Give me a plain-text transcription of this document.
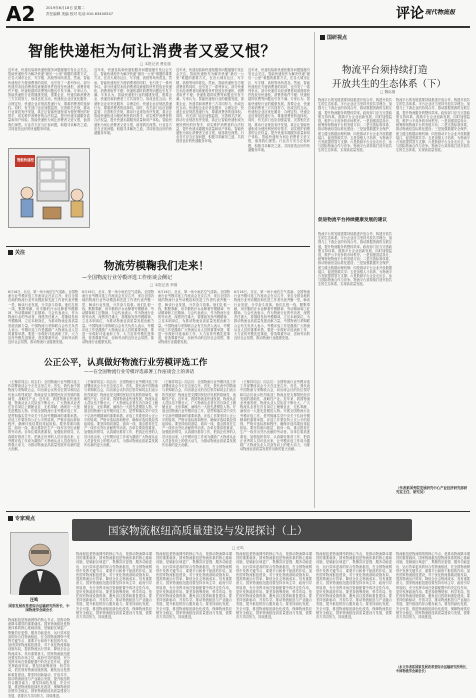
A2	2019年6月18日 星期二
责任编辑 美编 校对 电话:010-63400547	评论 现代物流报
智能快递柜为何让消费者又爱又恨？
□ 本报记者 曹佳瑞
近年来，快递包装和快递柜服务问题屡屡引发社会关注。智能快递柜作为解决快递“最后一公里”难题的重要方式，在各大城市社区、写字楼、高校等场所普及。然而，智能快递柜在方便消费者的同时，也引发了一系列争议。部分快递员未经消费者同意便将快件投放至快递柜，消费者取件不便；快递柜超时收费等问题也引发不满。专家认为，智能快递柜行业的健康发展，需要企业、快递员和消费者三方共同努力，形成良性互动。快递柜企业应优化服务、合理定价，快递企业应规范投递行为，尊重消费者的选择权。同时，有关部门也应加强监管，完善相关法规，推动行业规范有序发展，真正让智能快递柜成为便民利民的好帮手，切实维护消费者的合法权益，提升快递末端服务质量和用户体验。智能快递柜为何让消费者又爱又恨，值得我们深思。行业各方应当正视问题，积极寻求解决之道，共同营造良好的快递服务环境。
智能快递柜
近年来，快递包装和快递柜服务问题屡屡引发社会关注。智能快递柜作为解决快递“最后一公里”难题的重要方式，在各大城市社区、写字楼、高校等场所普及。然而，智能快递柜在方便消费者的同时，也引发了一系列争议。部分快递员未经消费者同意便将快件投放至快递柜，消费者取件不便；快递柜超时收费等问题也引发不满。专家认为，智能快递柜行业的健康发展，需要企业、快递员和消费者三方共同努力，形成良性互动。快递柜企业应优化服务、合理定价，快递企业应规范投递行为，尊重消费者的选择权。同时，有关部门也应加强监管，完善相关法规，推动行业规范有序发展，真正让智能快递柜成为便民利民的好帮手，切实维护消费者的合法权益，提升快递末端服务质量和用户体验。智能快递柜为何让消费者又爱又恨，值得我们深思。行业各方应当正视问题，积极寻求解决之道，共同营造良好的快递服务环境。
近年来，快递包装和快递柜服务问题屡屡引发社会关注。智能快递柜作为解决快递“最后一公里”难题的重要方式，在各大城市社区、写字楼、高校等场所普及。然而，智能快递柜在方便消费者的同时，也引发了一系列争议。部分快递员未经消费者同意便将快件投放至快递柜，消费者取件不便；快递柜超时收费等问题也引发不满。专家认为，智能快递柜行业的健康发展，需要企业、快递员和消费者三方共同努力，形成良性互动。快递柜企业应优化服务、合理定价，快递企业应规范投递行为，尊重消费者的选择权。同时，有关部门也应加强监管，完善相关法规，推动行业规范有序发展，真正让智能快递柜成为便民利民的好帮手，切实维护消费者的合法权益，提升快递末端服务质量和用户体验。智能快递柜为何让消费者又爱又恨，值得我们深思。行业各方应当正视问题，积极寻求解决之道，共同营造良好的快递服务环境。
近年来，快递包装和快递柜服务问题屡屡引发社会关注。智能快递柜作为解决快递“最后一公里”难题的重要方式，在各大城市社区、写字楼、高校等场所普及。然而，智能快递柜在方便消费者的同时，也引发了一系列争议。部分快递员未经消费者同意便将快件投放至快递柜，消费者取件不便；快递柜超时收费等问题也引发不满。专家认为，智能快递柜行业的健康发展，需要企业、快递员和消费者三方共同努力，形成良性互动。快递柜企业应优化服务、合理定价，快递企业应规范投递行为，尊重消费者的选择权。同时，有关部门也应加强监管，完善相关法规，推动行业规范有序发展，真正让智能快递柜成为便民利民的好帮手，切实维护消费者的合法权益，提升快递末端服务质量和用户体验。智能快递柜为何让消费者又爱又恨，值得我们深思。行业各方应当正视问题，积极寻求解决之道，共同营造良好的快递服务环境。
国研视点
物流平台须持续打造
开放共生的生态体系（下）
□ 魏际刚
物流平台的发展需要持续推进开放合作，构建开放共生的生态体系。平台企业应当坚持开放共享理念，加强与上下游企业的协同合作，推动数据资源的互联互通，提升物流服务的整体效率。政府部门应当完善政策支持体系，鼓励平台企业创新发展，同时加强监管，维护公平竞争的市场秩序。一是加强顶层设计，统筹规划物流平台的发展方向；二是完善标准体系，推动物流信息标准化建设；三是加强数据安全保护，建立健全数据治理机制；四是推动平台企业开放数据接口，促进资源共享；五是加强人才培养，为物流平台发展提供智力支撑；六是鼓励平台企业走出去，参与国际物流合作与竞争。物流平台须持续打造开放共生的生态体系，实现高质量发展。
促进物流平台持续健康发展的建议
物流平台的发展需要持续推进开放合作，构建开放共生的生态体系。平台企业应当坚持开放共享理念，加强与上下游企业的协同合作，推动数据资源的互联互通，提升物流服务的整体效率。政府部门应当完善政策支持体系，鼓励平台企业创新发展，同时加强监管，维护公平竞争的市场秩序。一是加强顶层设计，统筹规划物流平台的发展方向；二是完善标准体系，推动物流信息标准化建设；三是加强数据安全保护，建立健全数据治理机制；四是推动平台企业开放数据接口，促进资源共享；五是加强人才培养，为物流平台发展提供智力支撑；六是鼓励平台企业走出去，参与国际物流合作与竞争。物流平台须持续打造开放共生的生态体系，实现高质量发展。
物流平台的发展需要持续推进开放合作，构建开放共生的生态体系。平台企业应当坚持开放共享理念，加强与上下游企业的协同合作，推动数据资源的互联互通，提升物流服务的整体效率。政府部门应当完善政策支持体系，鼓励平台企业创新发展，同时加强监管，维护公平竞争的市场秩序。一是加强顶层设计，统筹规划物流平台的发展方向；二是完善标准体系，推动物流信息标准化建设；三是加强数据安全保护，建立健全数据治理机制；四是推动平台企业开放数据接口，促进资源共享；五是加强人才培养，为物流平台发展提供智力支撑；六是鼓励平台企业走出去，参与国际物流合作与竞争。物流平台须持续打造开放共生的生态体系，实现高质量发展。
（作者系国务院发展研究中心产业经济研究部研究室主任、研究员）
关注
物流劳模鞠我们走来！
—全国物流行业劳模评选工作座谈会侧记
□ 本报记者 李刚
6月16日，北京，第一场小雨后空气清新。全国物流行业劳模评选工作座谈会在京召开，来自全国各地的物流行业劳动模范和先进工作者代表齐聚一堂，畅谈行业发展，分享奋斗故事。他们扎根一线，默默奉献，用辛勤的汗水诠释着劳模精神、劳动精神和工匠精神。与会代表表示，作为物流行业的劳动者，深感责任重大，将继续发扬劳模精神，立足本职岗位，为推动物流业高质量发展贡献力量。中国物流与采购联合会有关负责人表示，劳模评选工作是激励广大物流从业人员的重要举措，要进一步做好评选表彰工作，大力宣传劳模先进事迹，营造尊重劳动、崇尚劳动的良好社会氛围，推动物流行业健康发展。
6月16日，北京，第一场小雨后空气清新。全国物流行业劳模评选工作座谈会在京召开，来自全国各地的物流行业劳动模范和先进工作者代表齐聚一堂，畅谈行业发展，分享奋斗故事。他们扎根一线，默默奉献，用辛勤的汗水诠释着劳模精神、劳动精神和工匠精神。与会代表表示，作为物流行业的劳动者，深感责任重大，将继续发扬劳模精神，立足本职岗位，为推动物流业高质量发展贡献力量。中国物流与采购联合会有关负责人表示，劳模评选工作是激励广大物流从业人员的重要举措，要进一步做好评选表彰工作，大力宣传劳模先进事迹，营造尊重劳动、崇尚劳动的良好社会氛围，推动物流行业健康发展。
6月16日，北京，第一场小雨后空气清新。全国物流行业劳模评选工作座谈会在京召开，来自全国各地的物流行业劳动模范和先进工作者代表齐聚一堂，畅谈行业发展，分享奋斗故事。他们扎根一线，默默奉献，用辛勤的汗水诠释着劳模精神、劳动精神和工匠精神。与会代表表示，作为物流行业的劳动者，深感责任重大，将继续发扬劳模精神，立足本职岗位，为推动物流业高质量发展贡献力量。中国物流与采购联合会有关负责人表示，劳模评选工作是激励广大物流从业人员的重要举措，要进一步做好评选表彰工作，大力宣传劳模先进事迹，营造尊重劳动、崇尚劳动的良好社会氛围，推动物流行业健康发展。
6月16日，北京，第一场小雨后空气清新。全国物流行业劳模评选工作座谈会在京召开，来自全国各地的物流行业劳动模范和先进工作者代表齐聚一堂，畅谈行业发展，分享奋斗故事。他们扎根一线，默默奉献，用辛勤的汗水诠释着劳模精神、劳动精神和工匠精神。与会代表表示，作为物流行业的劳动者，深感责任重大，将继续发扬劳模精神，立足本职岗位，为推动物流业高质量发展贡献力量。中国物流与采购联合会有关负责人表示，劳模评选工作是激励广大物流从业人员的重要举措，要进一步做好评选表彰工作，大力宣传劳模先进事迹，营造尊重劳动、崇尚劳动的良好社会氛围，推动物流行业健康发展。
公正公平，认真做好物流行业劳模评选工作
——在全国物流行业劳模评选部署工作座谈会上的讲话
（王稼祥同志）同志们：全国物流行业劳模评选工作部署座谈会今天在这里召开。首先，我代表中国物流与采购联合会，向出席会议的各位领导和同志们表示热烈欢迎！物流业是支撑国民经济发展的基础性、战略性产业。近年来，我国物流业快速发展，物流从业人员队伍不断壮大。广大物流从业者在各自岗位上兢兢业业、无私奉献，涌现出一大批先进模范人物。开展全国物流行业劳模评选工作，是贯彻落实党中央关于弘扬劳模精神的重要举措。评选工作要坚持公正公平的原则，严格评选标准和程序，确保评选结果经得起检验。要坚持面向基层、面向一线，重点推荐在生产一线作出突出贡献的劳动者。各单位要高度重视，加强组织领导，认真做好推荐工作，把真正优秀的人员评选出来，让劳模评选工作成为激励广大物流从业人员奋发向上的强大动力，为推动物流业高质量发展作出新的更大贡献。
（王稼祥同志）同志们：全国物流行业劳模评选工作部署座谈会今天在这里召开。首先，我代表中国物流与采购联合会，向出席会议的各位领导和同志们表示热烈欢迎！物流业是支撑国民经济发展的基础性、战略性产业。近年来，我国物流业快速发展，物流从业人员队伍不断壮大。广大物流从业者在各自岗位上兢兢业业、无私奉献，涌现出一大批先进模范人物。开展全国物流行业劳模评选工作，是贯彻落实党中央关于弘扬劳模精神的重要举措。评选工作要坚持公正公平的原则，严格评选标准和程序，确保评选结果经得起检验。要坚持面向基层、面向一线，重点推荐在生产一线作出突出贡献的劳动者。各单位要高度重视，加强组织领导，认真做好推荐工作，把真正优秀的人员评选出来，让劳模评选工作成为激励广大物流从业人员奋发向上的强大动力，为推动物流业高质量发展作出新的更大贡献。
（王稼祥同志）同志们：全国物流行业劳模评选工作部署座谈会今天在这里召开。首先，我代表中国物流与采购联合会，向出席会议的各位领导和同志们表示热烈欢迎！物流业是支撑国民经济发展的基础性、战略性产业。近年来，我国物流业快速发展，物流从业人员队伍不断壮大。广大物流从业者在各自岗位上兢兢业业、无私奉献，涌现出一大批先进模范人物。开展全国物流行业劳模评选工作，是贯彻落实党中央关于弘扬劳模精神的重要举措。评选工作要坚持公正公平的原则，严格评选标准和程序，确保评选结果经得起检验。要坚持面向基层、面向一线，重点推荐在生产一线作出突出贡献的劳动者。各单位要高度重视，加强组织领导，认真做好推荐工作，把真正优秀的人员评选出来，让劳模评选工作成为激励广大物流从业人员奋发向上的强大动力，为推动物流业高质量发展作出新的更大贡献。
（王稼祥同志）同志们：全国物流行业劳模评选工作部署座谈会今天在这里召开。首先，我代表中国物流与采购联合会，向出席会议的各位领导和同志们表示热烈欢迎！物流业是支撑国民经济发展的基础性、战略性产业。近年来，我国物流业快速发展，物流从业人员队伍不断壮大。广大物流从业者在各自岗位上兢兢业业、无私奉献，涌现出一大批先进模范人物。开展全国物流行业劳模评选工作，是贯彻落实党中央关于弘扬劳模精神的重要举措。评选工作要坚持公正公平的原则，严格评选标准和程序，确保评选结果经得起检验。要坚持面向基层、面向一线，重点推荐在生产一线作出突出贡献的劳动者。各单位要高度重视，加强组织领导，认真做好推荐工作，把真正优秀的人员评选出来，让劳模评选工作成为激励广大物流从业人员奋发向上的强大动力，为推动物流业高质量发展作出新的更大贡献。
专家观点
国家物流枢纽高质量建设与发展探讨（上）
□ 汪鸣
汪鸣
国家发展改革委综合运输研究所所长、中国物流学会副会长
物流枢纽是物流网络的核心节点，是推动物流降本增效的重要载体。国家物流枢纽是物流体系的核心基础设施，是辐射区域更广、集聚效应更强、服务功能更优、运行效率更高的综合性物流枢纽，在全国物流网络中发挥关键节点、重要平台和骨干枢纽的作用。加快国家物流枢纽建设，对于优化物流基础设施布局，提高物流运行效率，降低全社会物流成本，具有重要意义。国家物流枢纽建设要坚持市场主导、政府引导的原则，充分发挥市场在资源配置中的决定性作用，更好发挥政府作用。要坚持统筹规划、科学布局，依托现有物流设施资源，避免盲目投资和重复建设。要坚持创新驱动、开放共享，推动物流枢纽与产业融合发展，提升枢纽的综合服务能力。要坚持绿色发展、安全可靠，推进物流枢纽绿色化改造，保障物流供应链安全稳定。国家物流枢纽高质量建设与发展，需要各方共同努力，持续推进。
物流枢纽是物流网络的核心节点，是推动物流降本增效的重要载体。国家物流枢纽是物流体系的核心基础设施，是辐射区域更广、集聚效应更强、服务功能更优、运行效率更高的综合性物流枢纽，在全国物流网络中发挥关键节点、重要平台和骨干枢纽的作用。加快国家物流枢纽建设，对于优化物流基础设施布局，提高物流运行效率，降低全社会物流成本，具有重要意义。国家物流枢纽建设要坚持市场主导、政府引导的原则，充分发挥市场在资源配置中的决定性作用，更好发挥政府作用。要坚持统筹规划、科学布局，依托现有物流设施资源，避免盲目投资和重复建设。要坚持创新驱动、开放共享，推动物流枢纽与产业融合发展，提升枢纽的综合服务能力。要坚持绿色发展、安全可靠，推进物流枢纽绿色化改造，保障物流供应链安全稳定。国家物流枢纽高质量建设与发展，需要各方共同努力，持续推进。
物流枢纽是物流网络的核心节点，是推动物流降本增效的重要载体。国家物流枢纽是物流体系的核心基础设施，是辐射区域更广、集聚效应更强、服务功能更优、运行效率更高的综合性物流枢纽，在全国物流网络中发挥关键节点、重要平台和骨干枢纽的作用。加快国家物流枢纽建设，对于优化物流基础设施布局，提高物流运行效率，降低全社会物流成本，具有重要意义。国家物流枢纽建设要坚持市场主导、政府引导的原则，充分发挥市场在资源配置中的决定性作用，更好发挥政府作用。要坚持统筹规划、科学布局，依托现有物流设施资源，避免盲目投资和重复建设。要坚持创新驱动、开放共享，推动物流枢纽与产业融合发展，提升枢纽的综合服务能力。要坚持绿色发展、安全可靠，推进物流枢纽绿色化改造，保障物流供应链安全稳定。国家物流枢纽高质量建设与发展，需要各方共同努力，持续推进。
物流枢纽是物流网络的核心节点，是推动物流降本增效的重要载体。国家物流枢纽是物流体系的核心基础设施，是辐射区域更广、集聚效应更强、服务功能更优、运行效率更高的综合性物流枢纽，在全国物流网络中发挥关键节点、重要平台和骨干枢纽的作用。加快国家物流枢纽建设，对于优化物流基础设施布局，提高物流运行效率，降低全社会物流成本，具有重要意义。国家物流枢纽建设要坚持市场主导、政府引导的原则，充分发挥市场在资源配置中的决定性作用，更好发挥政府作用。要坚持统筹规划、科学布局，依托现有物流设施资源，避免盲目投资和重复建设。要坚持创新驱动、开放共享，推动物流枢纽与产业融合发展，提升枢纽的综合服务能力。要坚持绿色发展、安全可靠，推进物流枢纽绿色化改造，保障物流供应链安全稳定。国家物流枢纽高质量建设与发展，需要各方共同努力，持续推进。
物流枢纽是物流网络的核心节点，是推动物流降本增效的重要载体。国家物流枢纽是物流体系的核心基础设施，是辐射区域更广、集聚效应更强、服务功能更优、运行效率更高的综合性物流枢纽，在全国物流网络中发挥关键节点、重要平台和骨干枢纽的作用。加快国家物流枢纽建设，对于优化物流基础设施布局，提高物流运行效率，降低全社会物流成本，具有重要意义。国家物流枢纽建设要坚持市场主导、政府引导的原则，充分发挥市场在资源配置中的决定性作用，更好发挥政府作用。要坚持统筹规划、科学布局，依托现有物流设施资源，避免盲目投资和重复建设。要坚持创新驱动、开放共享，推动物流枢纽与产业融合发展，提升枢纽的综合服务能力。要坚持绿色发展、安全可靠，推进物流枢纽绿色化改造，保障物流供应链安全稳定。国家物流枢纽高质量建设与发展，需要各方共同努力，持续推进。
物流枢纽是物流网络的核心节点，是推动物流降本增效的重要载体。国家物流枢纽是物流体系的核心基础设施，是辐射区域更广、集聚效应更强、服务功能更优、运行效率更高的综合性物流枢纽，在全国物流网络中发挥关键节点、重要平台和骨干枢纽的作用。加快国家物流枢纽建设，对于优化物流基础设施布局，提高物流运行效率，降低全社会物流成本，具有重要意义。国家物流枢纽建设要坚持市场主导、政府引导的原则，充分发挥市场在资源配置中的决定性作用，更好发挥政府作用。要坚持统筹规划、科学布局，依托现有物流设施资源，避免盲目投资和重复建设。要坚持创新驱动、开放共享，推动物流枢纽与产业融合发展，提升枢纽的综合服务能力。要坚持绿色发展、安全可靠，推进物流枢纽绿色化改造，保障物流供应链安全稳定。国家物流枢纽高质量建设与发展，需要各方共同努力，持续推进。
（本文作者系国家发展改革委综合运输研究所所长、中国物流学会副会长）
